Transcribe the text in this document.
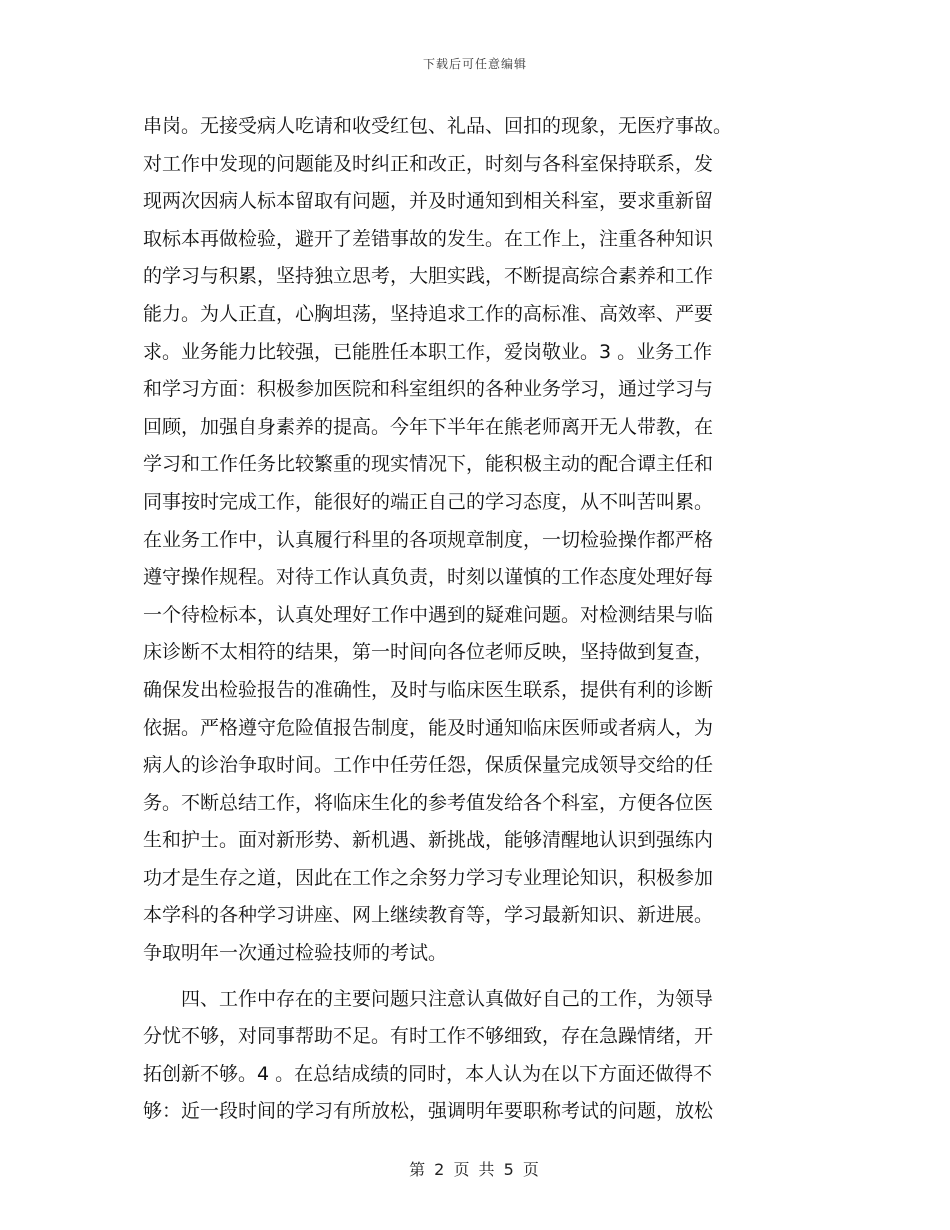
下载后可任意编辑
串岗。无接受病人吃请和收受红包、礼品、回扣的现象，无医疗事故。
对工作中发现的问题能及时纠正和改正，时刻与各科室保持联系，发
现两次因病人标本留取有问题，并及时通知到相关科室，要求重新留
取标本再做检验，避开了差错事故的发生。在工作上，注重各种知识
的学习与积累，坚持独立思考，大胆实践，不断提高综合素养和工作
能力。为人正直，心胸坦荡，坚持追求工作的高标准、高效率、严要
求。业务能力比较强，已能胜任本职工作，爱岗敬业。3 。业务工作
和学习方面：积极参加医院和科室组织的各种业务学习，通过学习与
回顾，加强自身素养的提高。今年下半年在熊老师离开无人带教，在
学习和工作任务比较繁重的现实情况下，能积极主动的配合谭主任和
同事按时完成工作，能很好的端正自己的学习态度，从不叫苦叫累。
在业务工作中，认真履行科里的各项规章制度，一切检验操作都严格
遵守操作规程。对待工作认真负责，时刻以谨慎的工作态度处理好每
一个待检标本，认真处理好工作中遇到的疑难问题。对检测结果与临
床诊断不太相符的结果，第一时间向各位老师反映，坚持做到复查，
确保发出检验报告的准确性，及时与临床医生联系，提供有利的诊断
依据。严格遵守危险值报告制度，能及时通知临床医师或者病人，为
病人的诊治争取时间。工作中任劳任怨，保质保量完成领导交给的任
务。不断总结工作，将临床生化的参考值发给各个科室，方便各位医
生和护士。面对新形势、新机遇、新挑战，能够清醒地认识到强练内
功才是生存之道，因此在工作之余努力学习专业理论知识，积极参加
本学科的各种学习讲座、网上继续教育等，学习最新知识、新进展。
争取明年一次通过检验技师的考试。
四、工作中存在的主要问题只注意认真做好自己的工作，为领导
分忧不够，对同事帮助不足。有时工作不够细致，存在急躁情绪，开
拓创新不够。4 。在总结成绩的同时，本人认为在以下方面还做得不
够：近一段时间的学习有所放松，强调明年要职称考试的问题，放松
第 2 页 共 5 页
